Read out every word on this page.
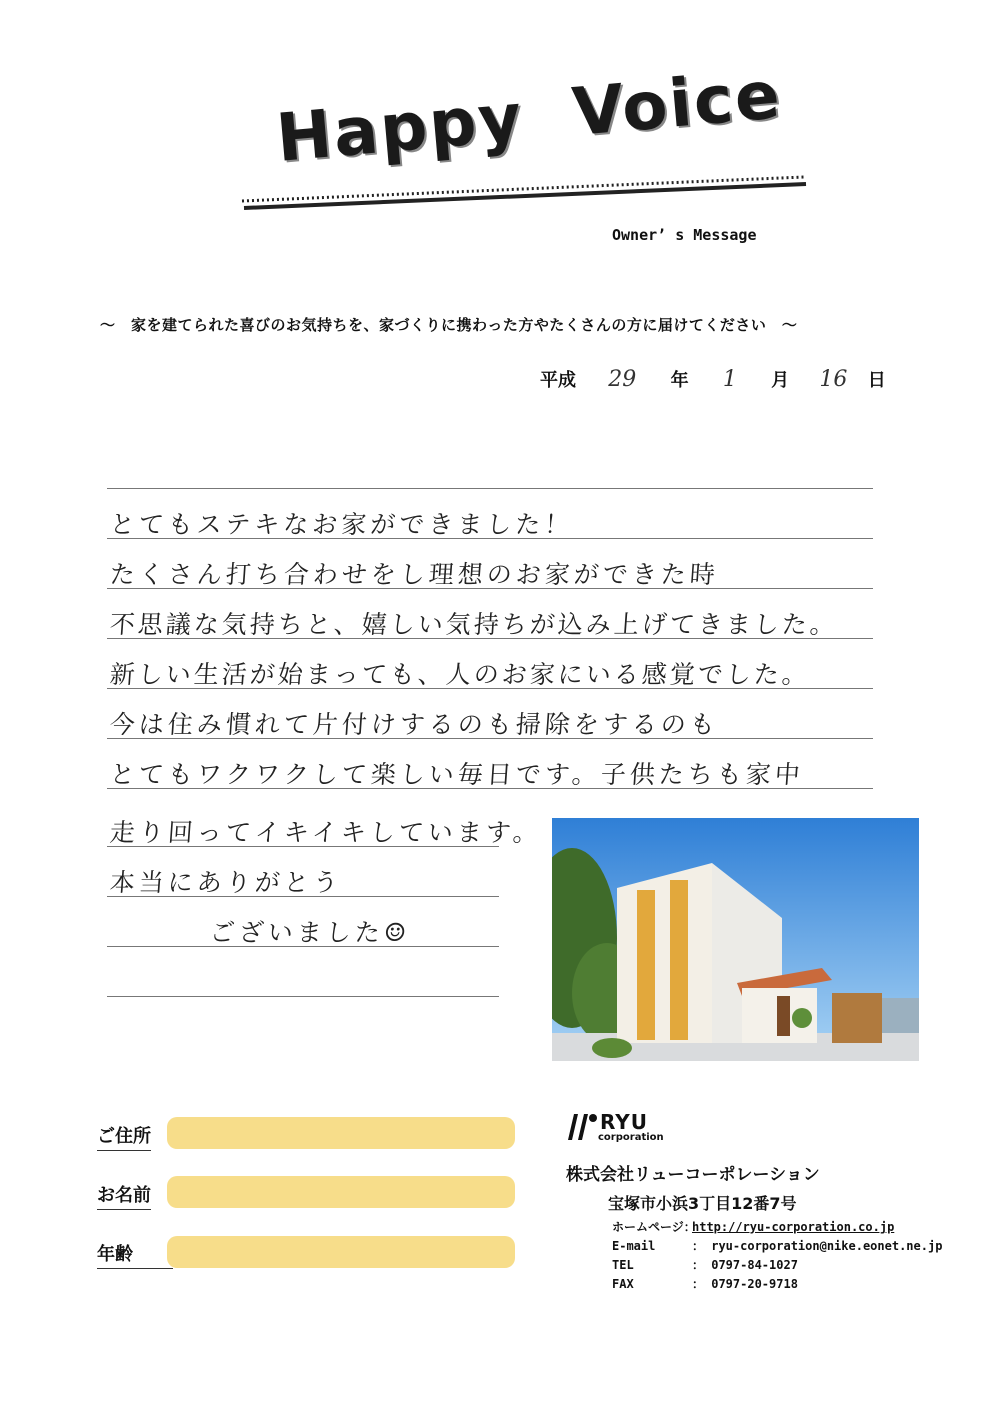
Happy  Voice
Owner’ s Message
～　家を建てられた喜びのお気持ちを、家づくりに携わった方やたくさんの方に届けてください　～
平成 29 年 1 月 16 日
とてもステキなお家ができました！
たくさん打ち合わせをし理想のお家ができた時
不思議な気持ちと、嬉しい気持ちが込み上げてきました。
新しい生活が始まっても、人のお家にいる感覚でした。
今は住み慣れて片付けするのも掃除をするのも
とてもワクワクして楽しい毎日です。子供たちも家中
走り回ってイキイキしています。
本当にありがとう
ございました☺
ご住所
お名前
年齢
RYU
corporation
株式会社リューコーポレーション
宝塚市小浜3丁目12番7号
ホームページ：http://ryu-corporation.co.jp
E-mail	： ryu-corporation@nike.eonet.ne.jp
TEL	： 0797-84-1027
FAX	： 0797-20-9718
